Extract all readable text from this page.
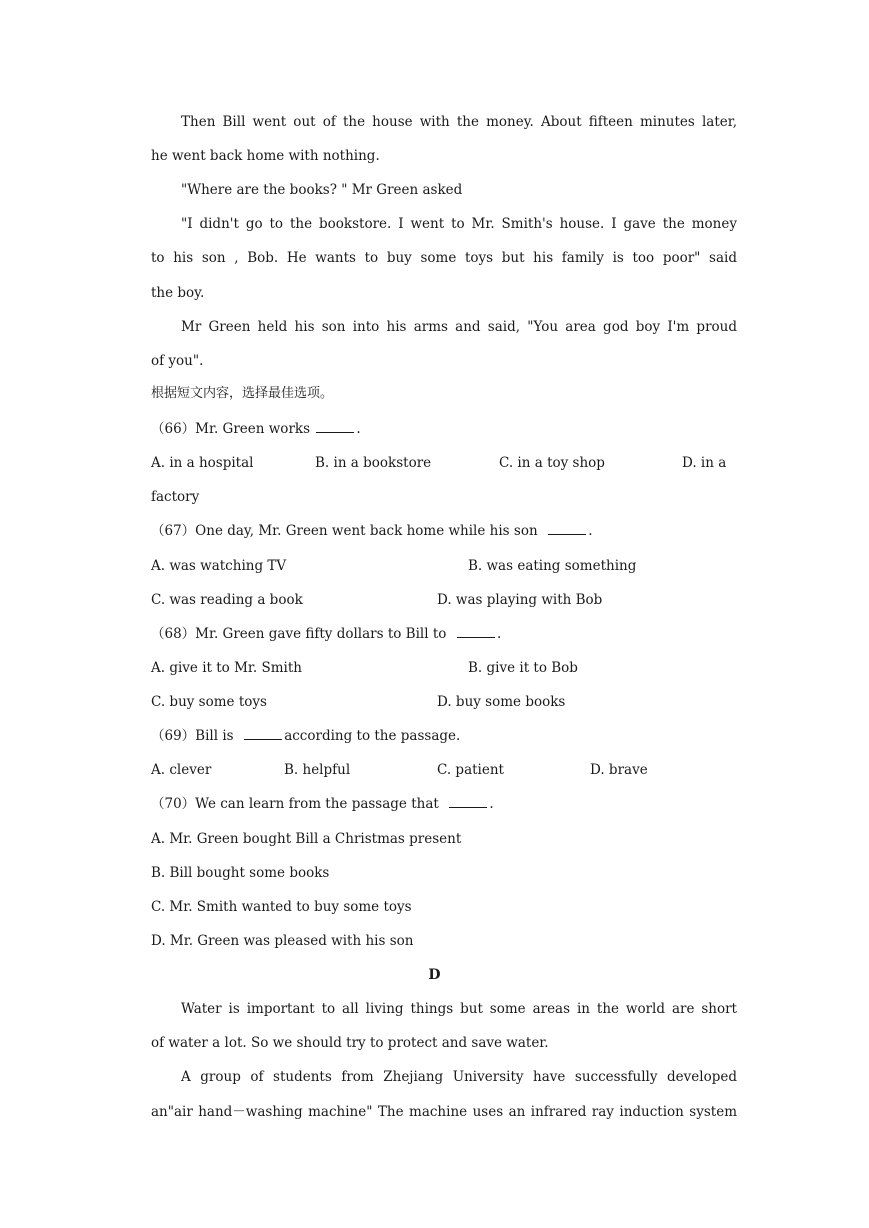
Then Bill went out of the house with the money. About fifteen minutes later,
he went back home with nothing.
"Where are the books? " Mr Green asked
"I didn't go to the bookstore. I went to Mr. Smith's house. I gave the money
to his son , Bob. He wants to buy some toys but his family is too poor" said
the boy.
Mr Green held his son into his arms and said, "You area god boy I'm proud
of you".
根据短文内容，选择最佳选项。
（66）Mr. Green works	.
A. in a hospital	B. in a bookstore	C. in a toy shop	D. in a
factory
（67）One day, Mr. Green went back home while his son	.
A. was watching TV	B. was eating something
C. was reading a book	D. was playing with Bob
（68）Mr. Green gave fifty dollars to Bill to	.
A. give it to Mr. Smith	B. give it to Bob
C. buy some toys	D. buy some books
（69）Bill is	according to the passage.
A. clever	B. helpful	C. patient	D. brave
（70）We can learn from the passage that	.
A. Mr. Green bought Bill a Christmas present
B. Bill bought some books
C. Mr. Smith wanted to buy some toys
D. Mr. Green was pleased with his son
D
Water is important to all living things but some areas in the world are short
of water a lot. So we should try to protect and save water.
A group of students from Zhejiang University have successfully developed
an"air hand－washing machine" The machine uses an infrared ray induction system
